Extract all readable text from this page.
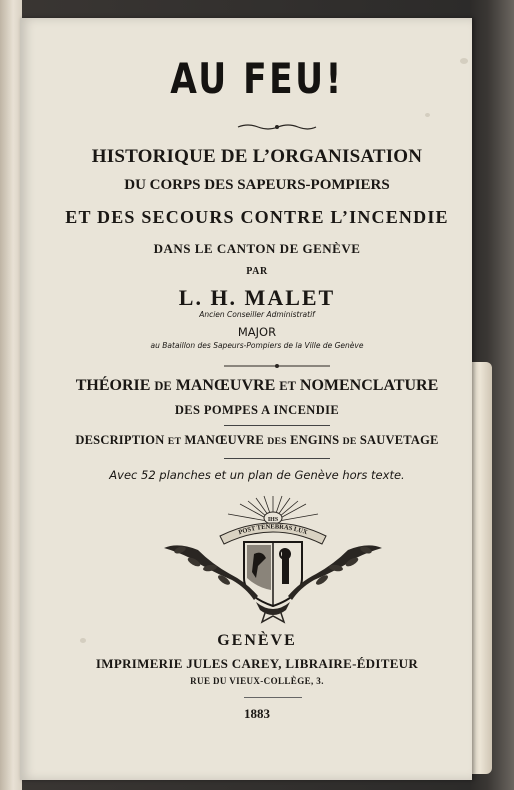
AU FEU!
HISTORIQUE DE L’ORGANISATION
DU CORPS DES SAPEURS-POMPIERS
ET DES SECOURS CONTRE L’INCENDIE
DANS LE CANTON DE GENÈVE
PAR
L. H. MALET
Ancien Conseiller Administratif
MAJOR
au Bataillon des Sapeurs-Pompiers de la Ville de Genève
THÉORIE DE MANŒUVRE ET NOMENCLATURE
DES POMPES A INCENDIE
DESCRIPTION ET MANŒUVRE DES ENGINS DE SAUVETAGE
Avec 52 planches et un plan de Genève hors texte.
IHS
POST TENEBRAS LUX
GENÈVE
IMPRIMERIE JULES CAREY, LIBRAIRE-ÉDITEUR
RUE DU VIEUX-COLLÈGE, 3.
1883
